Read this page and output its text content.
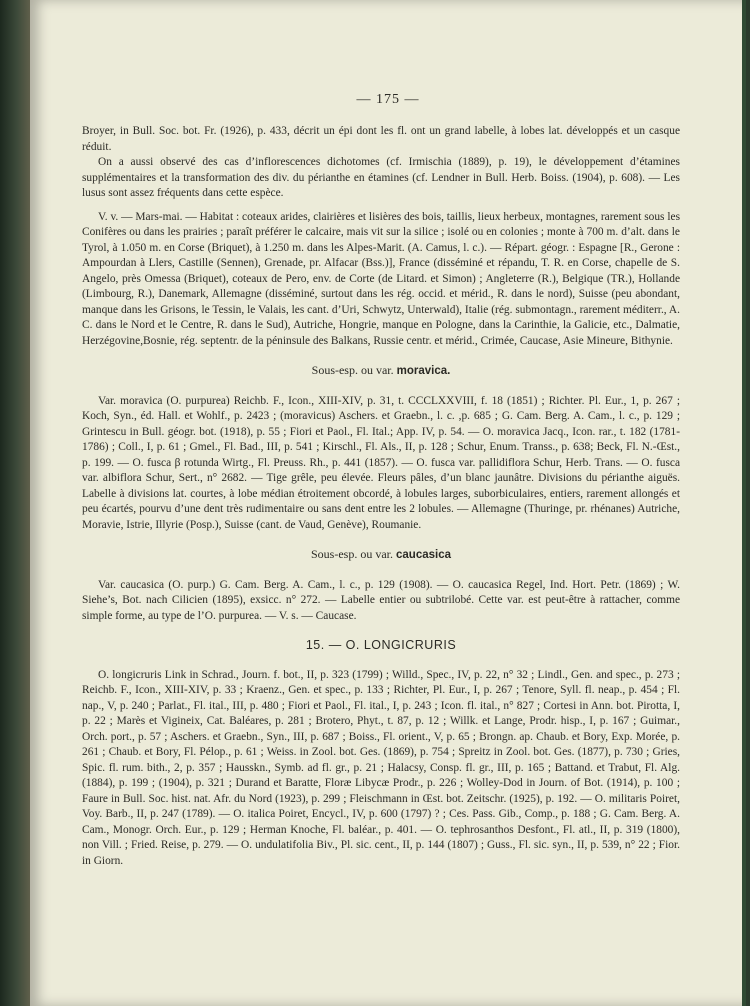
— 175 —

Broyer, in Bull. Soc. bot. Fr. (1926), p. 433, décrit un épi dont les fl. ont un grand labelle, à lobes lat. développés et un casque réduit.

On a aussi observé des cas d’inflorescences dichotomes (cf. Irmischia (1889), p. 19), le développement d’étamines supplémentaires et la transformation des div. du périanthe en étamines (cf. Lendner in Bull. Herb. Boiss. (1904), p. 608). — Les lusus sont assez fréquents dans cette espèce.

V. v. — Mars-mai. — Habitat : coteaux arides, clairières et lisières des bois, taillis, lieux herbeux, montagnes, rarement sous les Conifères ou dans les prairies ; paraît préférer le calcaire, mais vit sur la silice ; isolé ou en colonies ; monte à 700 m. d’alt. dans le Tyrol, à 1.050 m. en Corse (Briquet), à 1.250 m. dans les Alpes-Marit. (A. Camus, l. c.). — Répart. géogr. : Espagne [R., Gerone : Ampourdan à Llers, Castille (Sennen), Grenade, pr. Alfacar (Bss.)], France (disséminé et répandu, T. R. en Corse, chapelle de S. Angelo, près Omessa (Briquet), coteaux de Pero, env. de Corte (de Litard. et Simon) ; Angleterre (R.), Belgique (TR.), Hollande (Limbourg, R.), Danemark, Allemagne (disséminé, surtout dans les rég. occid. et mérid., R. dans le nord), Suisse (peu abondant, manque dans les Grisons, le Tessin, le Valais, les cant. d’Uri, Schwytz, Unterwald), Italie (rég. submontagn., rarement méditerr., A. C. dans le Nord et le Centre, R. dans le Sud), Autriche, Hongrie, manque en Pologne, dans la Carinthie, la Galicie, etc., Dalmatie, Herzégovine,Bosnie, rég. septentr. de la péninsule des Balkans, Russie centr. et mérid., Crimée, Caucase, Asie Mineure, Bithynie.

Sous-esp. ou var. moravica.

Var. moravica (O. purpurea) Reichb. F., Icon., XIII-XIV, p. 31, t. CCCLXXVIII, f. 18 (1851) ; Richter. Pl. Eur., 1, p. 267 ; Koch, Syn., éd. Hall. et Wohlf., p. 2423 ; (moravicus) Aschers. et Graebn., l. c. ,p. 685 ; G. Cam. Berg. A. Cam., l. c., p. 129 ; Grintescu in Bull. géogr. bot. (1918), p. 55 ; Fiori et Paol., Fl. Ital.; App. IV, p. 54. — O. moravica Jacq., Icon. rar., t. 182 (1781-1786) ; Coll., I, p. 61 ; Gmel., Fl. Bad., III, p. 541 ; Kirschl., Fl. Als., II, p. 128 ; Schur, Enum. Transs., p. 638; Beck, Fl. N.-Œst., p. 199. — O. fusca β rotunda Wirtg., Fl. Preuss. Rh., p. 441 (1857). — O. fusca var. pallidiflora Schur, Herb. Trans. — O. fusca var. albiflora Schur, Sert., n° 2682. — Tige grêle, peu élevée. Fleurs pâles, d’un blanc jaunâtre. Divisions du périanthe aiguës. Labelle à divisions lat. courtes, à lobe médian étroitement obcordé, à lobules larges, suborbiculaires, entiers, rarement allongés et peu écartés, pourvu d’une dent très rudimentaire ou sans dent entre les 2 lobules. — Allemagne (Thuringe, pr. rhénanes) Autriche, Moravie, Istrie, Illyrie (Posp.), Suisse (cant. de Vaud, Genève), Roumanie.

Sous-esp. ou var. caucasica

Var. caucasica (O. purp.) G. Cam. Berg. A. Cam., l. c., p. 129 (1908). — O. caucasica Regel, Ind. Hort. Petr. (1869) ; W. Siehe’s, Bot. nach Cilicien (1895), exsicc. n° 272. — Labelle entier ou subtrilobé. Cette var. est peut-être à rattacher, comme simple forme, au type de l’O. purpurea. — V. s. — Caucase.

15. — O. LONGICRURIS

O. longicruris Link in Schrad., Journ. f. bot., II, p. 323 (1799) ; Willd., Spec., IV, p. 22, n° 32 ; Lindl., Gen. and spec., p. 273 ; Reichb. F., Icon., XIII-XIV, p. 33 ; Kraenz., Gen. et spec., p. 133 ; Richter, Pl. Eur., I, p. 267 ; Tenore, Syll. fl. neap., p. 454 ; Fl. nap., V, p. 240 ; Parlat., Fl. ital., III, p. 480 ; Fiori et Paol., Fl. ital., I, p. 243 ; Icon. fl. ital., n° 827 ; Cortesi in Ann. bot. Pirotta, I, p. 22 ; Marès et Vigineix, Cat. Baléares, p. 281 ; Brotero, Phyt., t. 87, p. 12 ; Willk. et Lange, Prodr. hisp., I, p. 167 ; Guimar., Orch. port., p. 57 ; Aschers. et Graebn., Syn., III, p. 687 ; Boiss., Fl. orient., V, p. 65 ; Brongn. ap. Chaub. et Bory, Exp. Morée, p. 261 ; Chaub. et Bory, Fl. Pélop., p. 61 ; Weiss. in Zool. bot. Ges. (1869), p. 754 ; Spreitz in Zool. bot. Ges. (1877), p. 730 ; Gries, Spic. fl. rum. bith., 2, p. 357 ; Hausskn., Symb. ad fl. gr., p. 21 ; Halacsy, Consp. fl. gr., III, p. 165 ; Battand. et Trabut, Fl. Alg. (1884), p. 199 ; (1904), p. 321 ; Durand et Baratte, Floræ Libycæ Prodr., p. 226 ; Wolley-Dod in Journ. of Bot. (1914), p. 100 ; Faure in Bull. Soc. hist. nat. Afr. du Nord (1923), p. 299 ; Fleischmann in Œst. bot. Zeitschr. (1925), p. 192. — O. militaris Poiret, Voy. Barb., II, p. 247 (1789). — O. italica Poiret, Encycl., IV, p. 600 (1797) ? ; Ces. Pass. Gib., Comp., p. 188 ; G. Cam. Berg. A. Cam., Monogr. Orch. Eur., p. 129 ; Herman Knoche, Fl. baléar., p. 401. — O. tephrosanthos Desfont., Fl. atl., II, p. 319 (1800), non Vill. ; Fried. Reise, p. 279. — O. undulatifolia Biv., Pl. sic. cent., II, p. 144 (1807) ; Guss., Fl. sic. syn., II, p. 539, n° 22 ; Fior. in Giorn.
